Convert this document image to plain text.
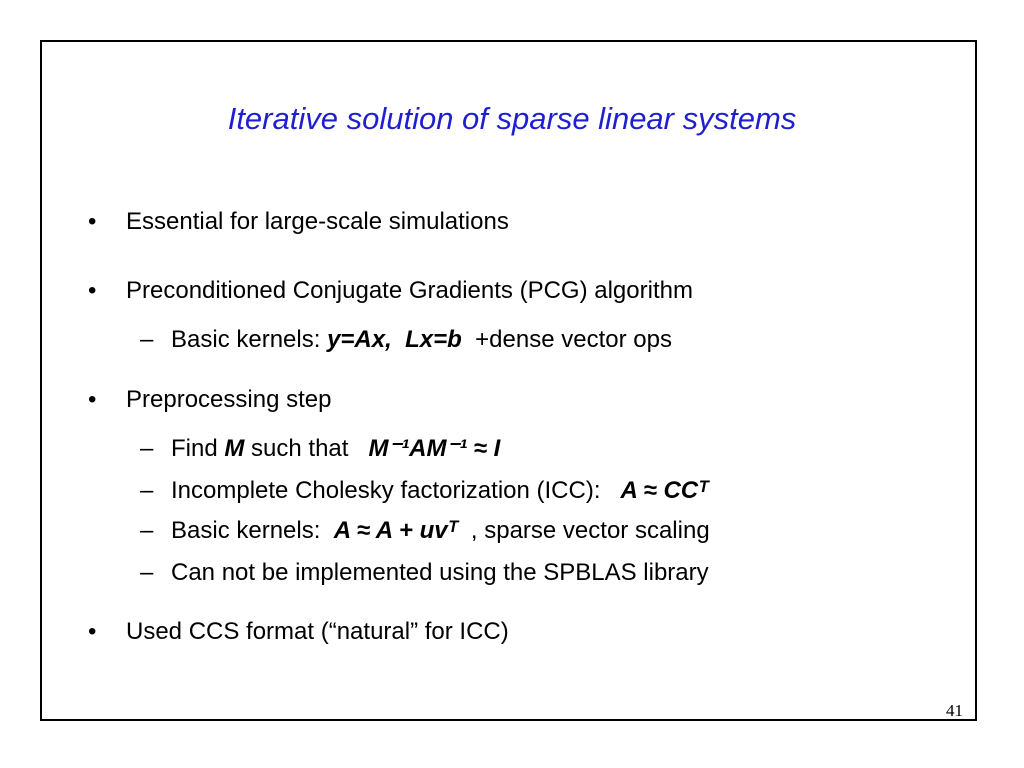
Iterative solution of sparse linear systems
• Essential for large-scale simulations
• Preconditioned Conjugate Gradients (PCG) algorithm
– Basic kernels: y=Ax, Lx=b +dense vector ops
• Preprocessing step
– Find M such that M⁻¹AM⁻¹ ≈ I
– Incomplete Cholesky factorization (ICC): A ≈ CCᵀ
– Basic kernels: A ≈ A + uvᵀ , sparse vector scaling
– Can not be implemented using the SPBLAS library
• Used CCS format (“natural” for ICC)
41
